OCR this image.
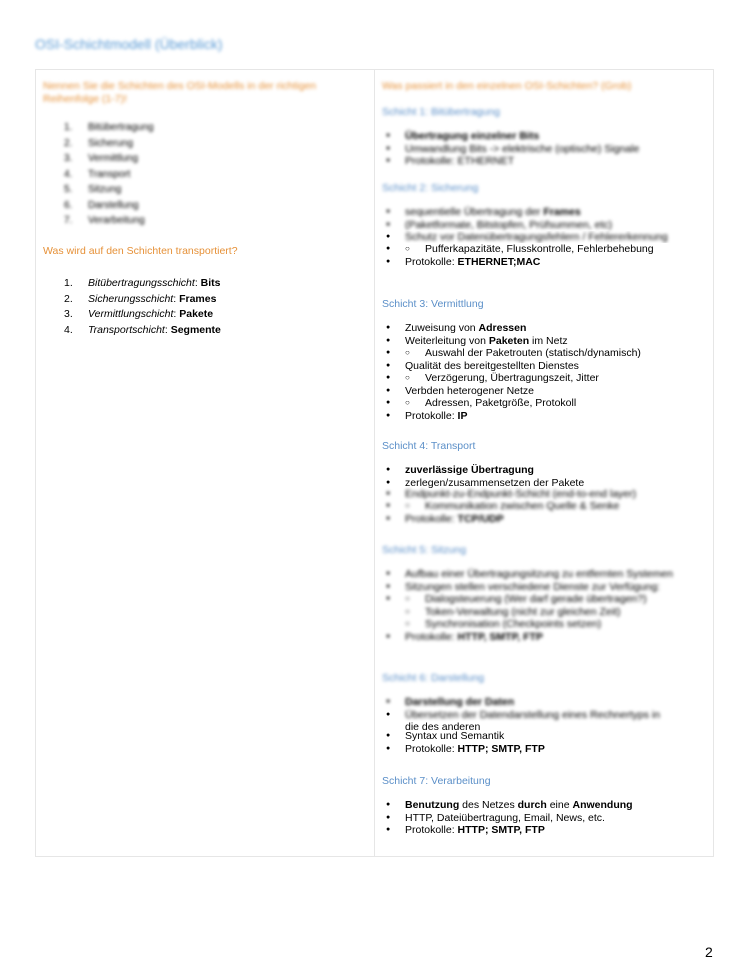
OSI-Schichtmodell (Überblick)
Nennen Sie die Schichten des OSI-Modells in der richtigen Reihenfolge (1-7)!
1. Bitübertragung
2. Sicherung
3. Vermittlung
4. Transport
5. Sitzung
6. Darstellung
7. Verarbeitung
Was wird auf den Schichten transportiert?
1. Bitübertragungsschicht: Bits
2. Sicherungsschicht: Frames
3. Vermittlungschicht: Pakete
4. Transportschicht: Segmente
Was passiert in den einzelnen OSI-Schichten? (Grob)
Schicht 1: Bitübertragung
● Übertragung einzelner Bits
● Umwandlung Bits -> elektrische (optische) Signale
● Protokolle: ETHERNET
Schicht 2: Sicherung
● sequentielle Übertragung der Frames
● (Paketformate, Bitstopfen, Prüfsummen, etc)
● Schutz vor Datenübertragungsfehlern / Fehlererkennung
○ ● Pufferkapazitäte, Flusskontrolle, Fehlerbehebung
● Protokolle: ETHERNET;MAC
Schicht 3: Vermittlung
● Zuweisung von Adressen
● Weiterleitung von Paketen im Netz
○ ● Auswahl der Paketrouten (statisch/dynamisch)
● Qualität des bereitgestellten Dienstes
○ ● Verzögerung, Übertragungszeit, Jitter
● Verbden heterogener Netze
○ ● Adressen, Paketgröße, Protokoll
● Protokolle: IP
Schicht 4: Transport
● zuverlässige Übertragung
● zerlegen/zusammensetzen der Pakete
● Endpunkt-zu-Endpunkt-Schicht (end-to-end layer)
○ ● Kommunikation zwischen Quelle & Senke
● Protokolle: TCP/UDP
Schicht 5: Sitzung
● Aufbau einer Übertragungsitzung zu entfernten Systemen
● Sitzungen stellen verschiedene Dienste zur Verfügung:
○ ● Dialogsteuerung (Wer darf gerade übertragen?)
○ Token-Verwaltung (nicht zur gleichen Zeit)
○ Synchronisation (Checkpoints setzen)
● Protokolle: HTTP, SMTP, FTP
Schicht 6: Darstellung
● Darstellung der Daten
● Übersetzen der Datendarstellung eines Rechnertyps in
die des anderen
● Syntax und Semantik
● Protokolle: HTTP; SMTP, FTP
Schicht 7: Verarbeitung
● Benutzung des Netzes durch eine Anwendung
● HTTP, Dateiübertragung, Email, News, etc.
● Protokolle: HTTP; SMTP, FTP
2
